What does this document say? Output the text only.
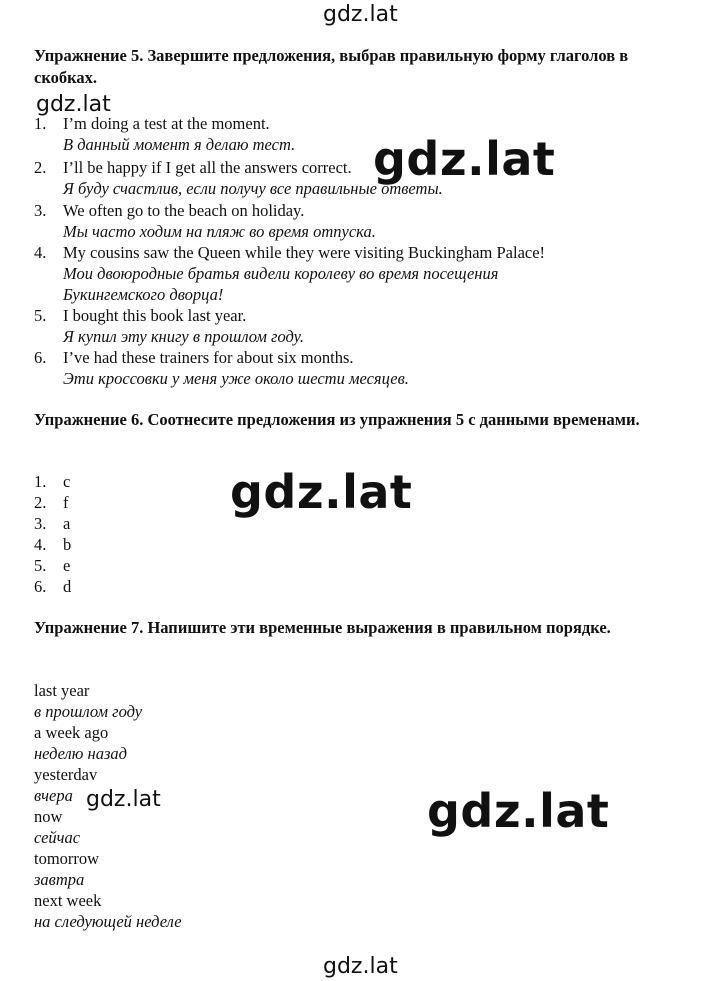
gdz.lat
gdz.lat
gdz.lat
gdz.lat
gdz.lat	gdz.lat
gdz.lat
Упражнение 5. Завершите предложения, выбрав правильную форму глаголов в скобках.
1. I’m doing a test at the moment.
В данный момент я делаю тест.
2. I’ll be happy if I get all the answers correct.
Я буду счастлив, если получу все правильные ответы.
3. We often go to the beach on holiday.
Мы часто ходим на пляж во время отпуска.
4. My cousins saw the Queen while they were visiting Buckingham Palace!
Мои двоюродные братья видели королеву во время посещения
Букингемского дворца!
5. I bought this book last year.
Я купил эту книгу в прошлом году.
6. I’ve had these trainers for about six months.
Эти кроссовки у меня уже около шести месяцев.
Упражнение 6. Соотнесите предложения из упражнения 5 с данными временами.
1. c
2. f
3. a
4. b
5. e
6. d
Упражнение 7. Напишите эти временные выражения в правильном порядке.
last year
в прошлом году
a week ago
неделю назад
yesterdav
вчера
now
сейчас
tomorrow
завтра
next week
на следующей неделе
